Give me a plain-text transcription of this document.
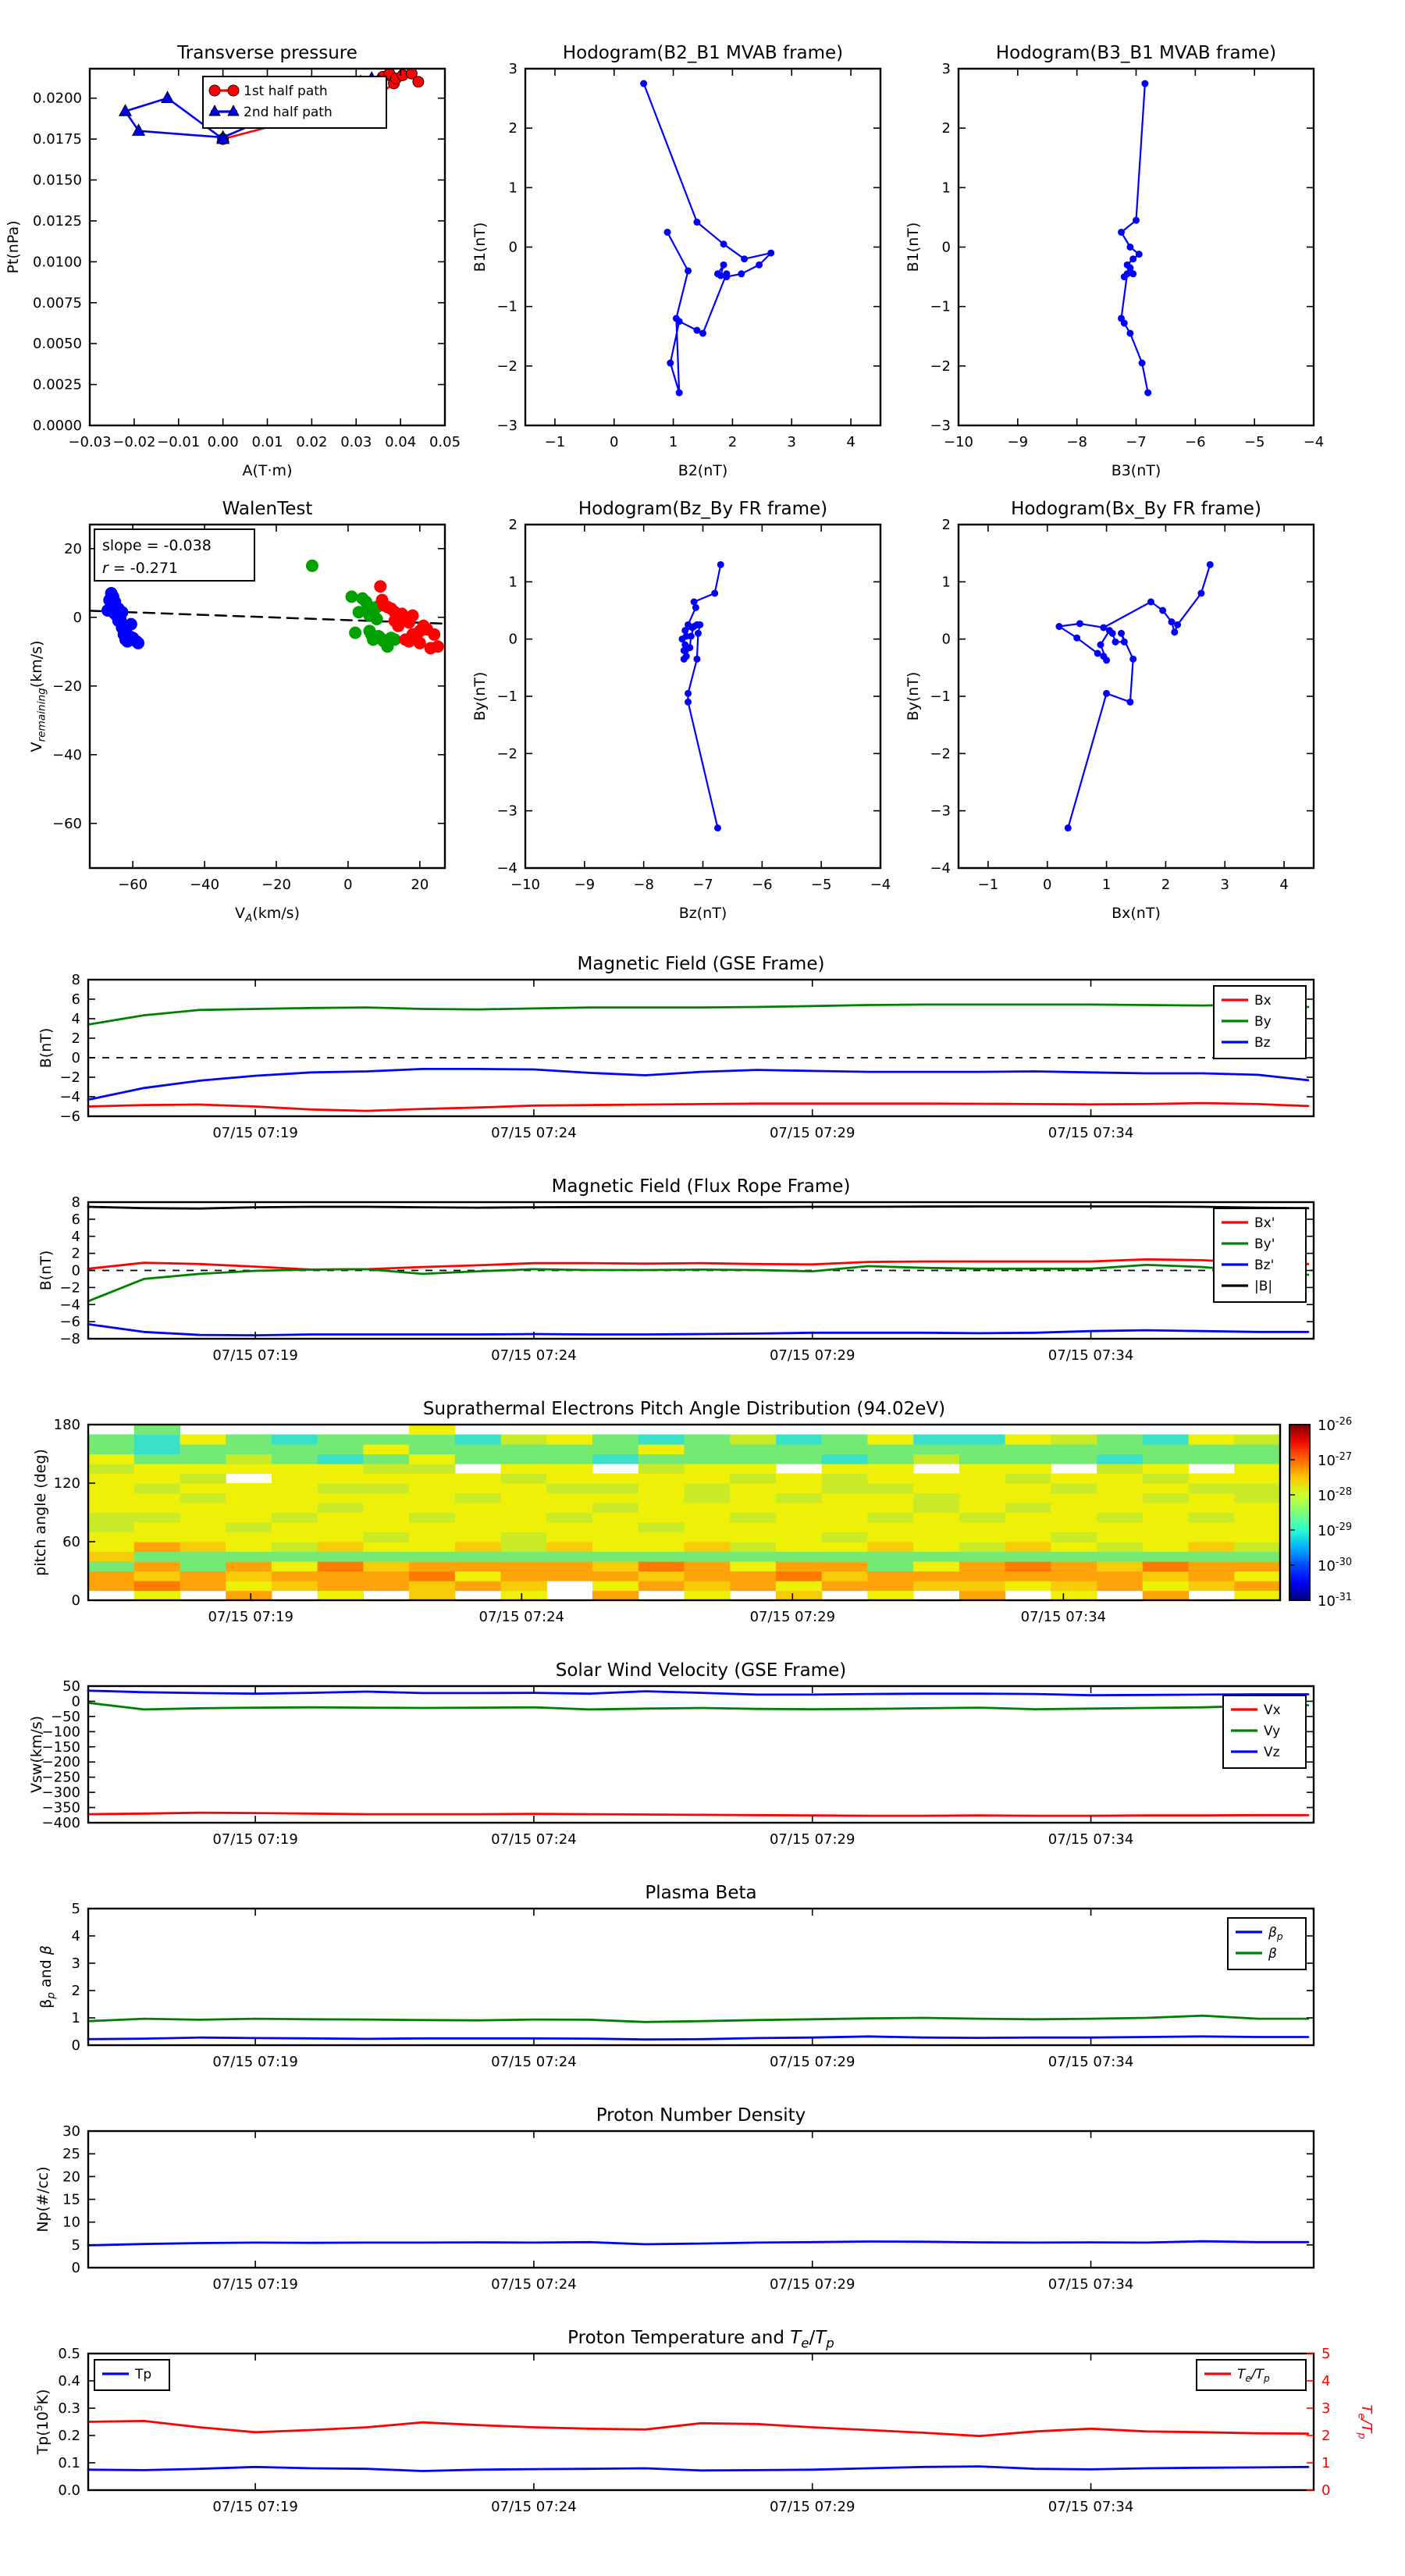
−0.03 −0.02 −0.01 0.00 0.01 0.02 0.03 0.04 0.05
0.0000
0.0025
0.0050
0.0075
0.0100
0.0125
0.0150
0.0175
0.0200
Transverse pressure
A(T·m)
Pt(nPa)
1st half path
2nd half path
−1	0	1	2	3	4
−3
−2
−1
0
1
2
3
Hodogram(B2_B1 MVAB frame)
B2(nT)
B1(nT)
−10 −9	−8	−7	−6	−5	−4
−3
−2
−1
0
1
2
3
Hodogram(B3_B1 MVAB frame)
B3(nT)
B1(nT)
−60	−40	−20	0	20
20
0
−20
−40
−60
WalenTest
$V_A(km/s)$
$V_{remaining}(km/s)$
slope = -0.038
r = -0.271
−10 −9	−8	−7	−6	−5	−4
−4
−3
−2
−1
0
1
2
Hodogram(Bz_By FR frame)
Bz(nT)
By(nT)
−1	0	1	2	3	4
−4
−3
−2
−1
0
1
2
Hodogram(Bx_By FR frame)
Bx(nT)
By(nT)
07/15 07:19	07/15 07:24	07/15 07:29	07/15 07:34
−6
−4
−2
0
2
4
6
8
Magnetic Field (GSE Frame)
B(nT)
Bx
By
Bz
07/15 07:19	07/15 07:24	07/15 07:29	07/15 07:34
−8
−6
−4
−2
0
2
4
6
8
Magnetic Field (Flux Rope Frame)
B(nT)
Bx'
By'
Bz'
|B|
07/15 07:19	07/15 07:24	07/15 07:29	07/15 07:34
0
60
120
180
Suprathermal Electrons Pitch Angle Distribution (94.02eV)
pitch angle (deg)
$10^{-26}$
$10^{-27}$
$10^{-28}$
$10^{-29}$
$10^{-30}$
$10^{-31}$
07/15 07:19	07/15 07:24	07/15 07:29	07/15 07:34
50
0
−50
−100
−150
−200
−250
−300
−350
−400
Solar Wind Velocity (GSE Frame)
Vsw(km/s)
Vx
Vy
Vz
07/15 07:19	07/15 07:24	07/15 07:29	07/15 07:34
0
1
2
3
4
5
Plasma Beta
$\beta_p$ and β
$\beta_p$
β
07/15 07:19	07/15 07:24	07/15 07:29	07/15 07:34
0
5
10
15
20
25
30
Proton Number Density
Np(#/cc)
07/15 07:19	07/15 07:24	07/15 07:29	07/15 07:34
0.0
0.1
0.2
0.3
0.4
0.5
0
1
2
3
4
5
$T_e/T_p$
Proton Temperature and $T_e/T_p$
$Tp(10^5K)$
Tp	$T_e/T_p$
